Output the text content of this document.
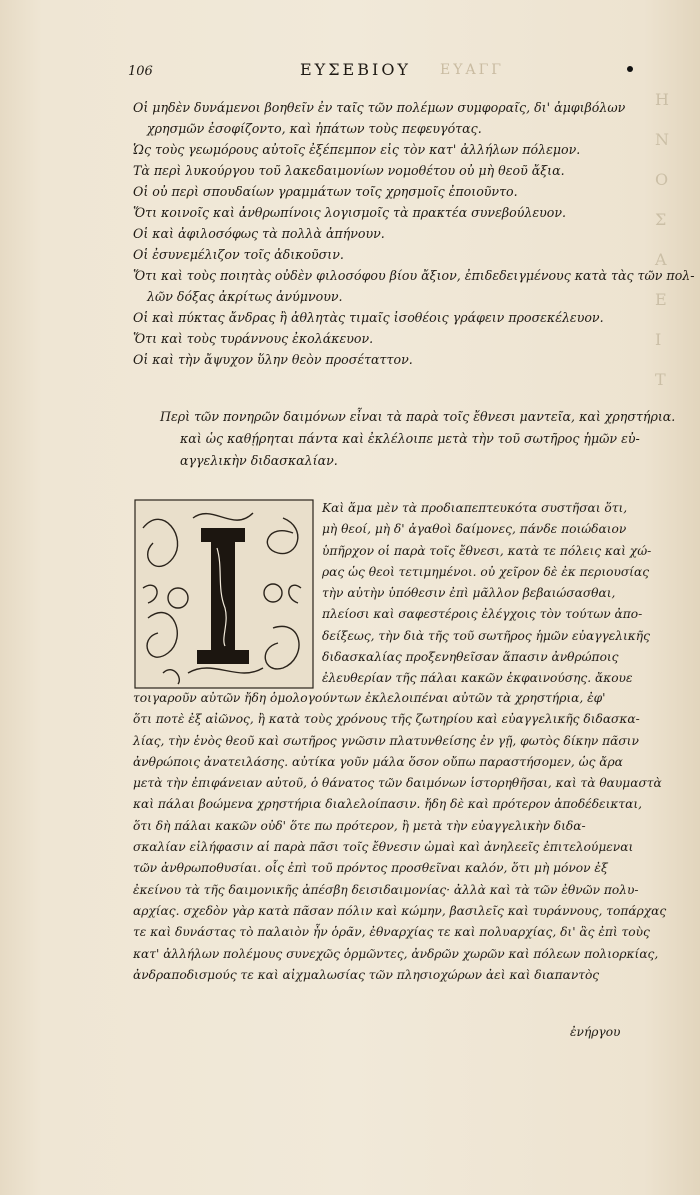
106	ΕΥΣΕΒΙΟΥ ΕΥΑΓΓ
Οἱ μηδὲν δυνάμενοι βοηθεῖν ἐν ταῖς τῶν πολέμων συμφοραῖς, δι' ἀμφιβόλων
χρησμῶν ἐσοφίζοντο, καὶ ἠπάτων τοὺς πεφευγότας.
Ὡς τοὺς γεωμόρους αὐτοῖς ἐξέπεμπον εἰς τὸν κατ' ἀλλήλων πόλεμον.
Τὰ περὶ λυκούργου τοῦ λακεδαιμονίων νομοθέτου οὐ μὴ θεοῦ ἄξια.
Οἱ οὐ περὶ σπουδαίων γραμμάτων τοῖς χρησμοῖς ἐποιοῦντο.
Ὅτι κοινοῖς καὶ ἀνθρωπίνοις λογισμοῖς τὰ πρακτέα συνεβούλευον.
Οἱ καὶ ἀφιλοσόφως τὰ πολλὰ ἀπήνουν.
Οἱ ἐσυνεμέλιζον τοῖς ἀδικοῦσιν.
Ὅτι καὶ τοὺς ποιητὰς οὐδὲν φιλοσόφου βίου ἄξιον, ἐπιδεδειγμένους κατὰ τὰς τῶν πολ-
λῶν δόξας ἀκρίτως ἀνύμνουν.
Οἱ καὶ πύκτας ἄνδρας ἢ ἀθλητὰς τιμαῖς ἰσοθέοις γράφειν προσεκέλευον.
Ὅτι καὶ τοὺς τυράννους ἐκολάκευον.
Οἱ καὶ τὴν ἄψυχον ὕλην θεὸν προσέταττον.
Περὶ τῶν πονηρῶν δαιμόνων εἶναι τὰ παρὰ τοῖς ἔθνεσι μαντεῖα, καὶ χρηστήρια.
καὶ ὡς καθῄρηται πάντα καὶ ἐκλέλοιπε μετὰ τὴν τοῦ σωτῆρος ἡμῶν εὐ-
αγγελικὴν διδασκαλίαν.
Καὶ ἅμα μὲν τὰ προδιαπεπτευκότα συστῆσαι ὅτι,
μὴ θεοί, μὴ δ' ἀγαθοὶ δαίμονες, πάνδε ποιώδαιον
ὑπῆρχον οἱ παρὰ τοῖς ἔθνεσι, κατὰ τε πόλεις καὶ χώ-
ρας ὡς θεοὶ τετιμημένοι. οὐ χεῖρον δὲ ἐκ περιουσίας
τὴν αὐτὴν ὑπόθεσιν ἐπὶ μᾶλλον βεβαιώσασθαι,
πλείοσι καὶ σαφεστέροις ἐλέγχοις τὸν τούτων ἀπο-
δείξεως, τὴν διὰ τῆς τοῦ σωτῆρος ἡμῶν εὐαγγελικῆς
διδασκαλίας προξενηθεῖσαν ἅπασιν ἀνθρώποις
ἐλευθερίαν τῆς πάλαι κακῶν ἐκφαινούσης. ἄκουε
τοιγαροῦν αὐτῶν ἤδη ὁμολογούντων ἐκλελοιπέναι αὐτῶν τὰ χρηστήρια, ἐφ'
ὅτι ποτὲ ἐξ αἰῶνος, ἢ κατὰ τοὺς χρόνους τῆς ζωτηρίου καὶ εὐαγγελικῆς διδασκα-
λίας, τὴν ἑνὸς θεοῦ καὶ σωτῆρος γνῶσιν πλατυνθείσης ἐν γῇ, φωτὸς δίκην πᾶσιν
ἀνθρώποις ἀνατειλάσης. αὐτίκα γοῦν μάλα ὅσον οὔπω παραστήσομεν, ὡς ἄρα
μετὰ τὴν ἐπιφάνειαν αὐτοῦ, ὁ θάνατος τῶν δαιμόνων ἱστορηθῆσαι, καὶ τὰ θαυμαστὰ
καὶ πάλαι βοώμενα χρηστήρια διαλελοίπασιν. ἤδη δὲ καὶ πρότερον ἀποδέδεικται,
ὅτι δὴ πάλαι κακῶν οὐδ' ὅτε πω πρότερον, ἢ μετὰ τὴν εὐαγγελικὴν διδα-
σκαλίαν εἰλήφασιν αἱ παρὰ πᾶσι τοῖς ἔθνεσιν ὠμαὶ καὶ ἀνηλεεῖς ἐπιτελούμεναι
τῶν ἀνθρωποθυσίαι. οἷς ἐπὶ τοῦ πρόντος προσθεῖναι καλόν, ὅτι μὴ μόνον ἐξ
ἐκείνου τὰ τῆς δαιμονικῆς ἀπέσβη δεισιδαιμονίας· ἀλλὰ καὶ τὰ τῶν ἐθνῶν πολυ-
αρχίας. σχεδὸν γὰρ κατὰ πᾶσαν πόλιν καὶ κώμην, βασιλεῖς καὶ τυράννους, τοπάρχας
τε καὶ δυνάστας τὸ παλαιὸν ἦν ὁρᾶν, ἐθναρχίας τε καὶ πολυαρχίας, δι' ἃς ἐπὶ τοὺς
κατ' ἀλλήλων πολέμους συνεχῶς ὁρμῶντες, ἀνδρῶν χωρῶν καὶ πόλεων πολιορκίας,
ἀνδραποδισμούς τε καὶ αἰχμαλωσίας τῶν πλησιοχώρων ἀεὶ καὶ διαπαντὸς
ἐνήργου
Η
Ν
Ο
Σ
Α
Ε
Ι
Τ
